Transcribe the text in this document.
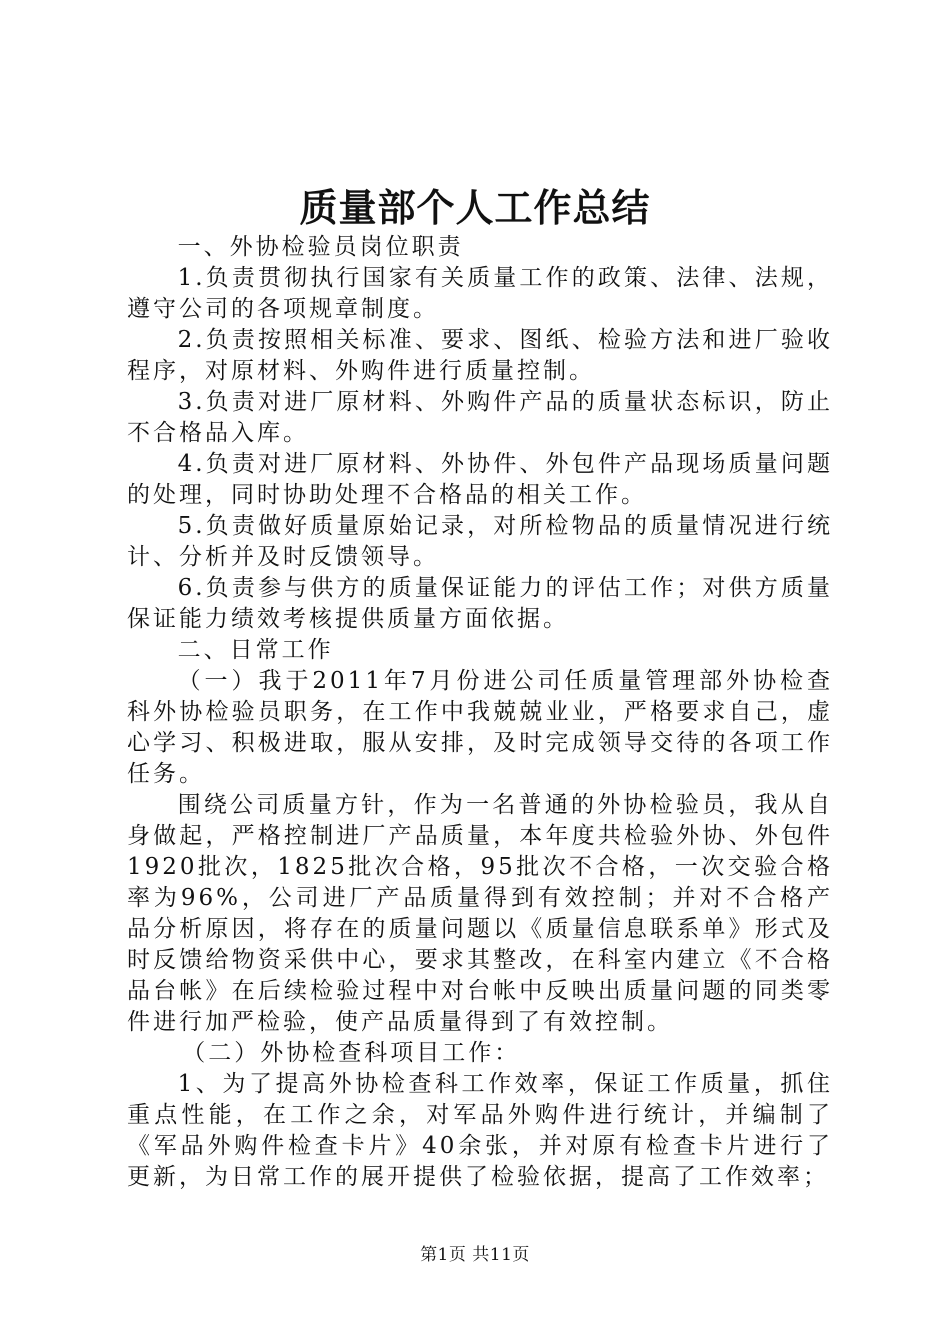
质量部个人工作总结

一、外协检验员岗位职责

1.负责贯彻执行国家有关质量工作的政策、法律、法规，遵守公司的各项规章制度。

2.负责按照相关标准、要求、图纸、检验方法和进厂验收程序，对原材料、外购件进行质量控制。

3.负责对进厂原材料、外购件产品的质量状态标识，防止不合格品入库。

4.负责对进厂原材料、外协件、外包件产品现场质量问题的处理，同时协助处理不合格品的相关工作。

5.负责做好质量原始记录，对所检物品的质量情况进行统计、分析并及时反馈领导。

6.负责参与供方的质量保证能力的评估工作；对供方质量保证能力绩效考核提供质量方面依据。

二、日常工作

（一）我于2011年7月份进公司任质量管理部外协检查科外协检验员职务，在工作中我兢兢业业，严格要求自己，虚心学习、积极进取，服从安排，及时完成领导交待的各项工作任务。

围绕公司质量方针，作为一名普通的外协检验员，我从自身做起，严格控制进厂产品质量，本年度共检验外协、外包件1920批次，1825批次合格，95批次不合格，一次交验合格率为96%，公司进厂产品质量得到有效控制；并对不合格产品分析原因，将存在的质量问题以《质量信息联系单》形式及时反馈给物资采供中心，要求其整改，在科室内建立《不合格品台帐》在后续检验过程中对台帐中反映出质量问题的同类零件进行加严检验，使产品质量得到了有效控制。

（二）外协检查科项目工作：

1、为了提高外协检查科工作效率，保证工作质量，抓住重点性能，在工作之余，对军品外购件进行统计，并编制了《军品外购件检查卡片》40余张，并对原有检查卡片进行了更新，为日常工作的展开提供了检验依据，提高了工作效率；

第1页 共11页
